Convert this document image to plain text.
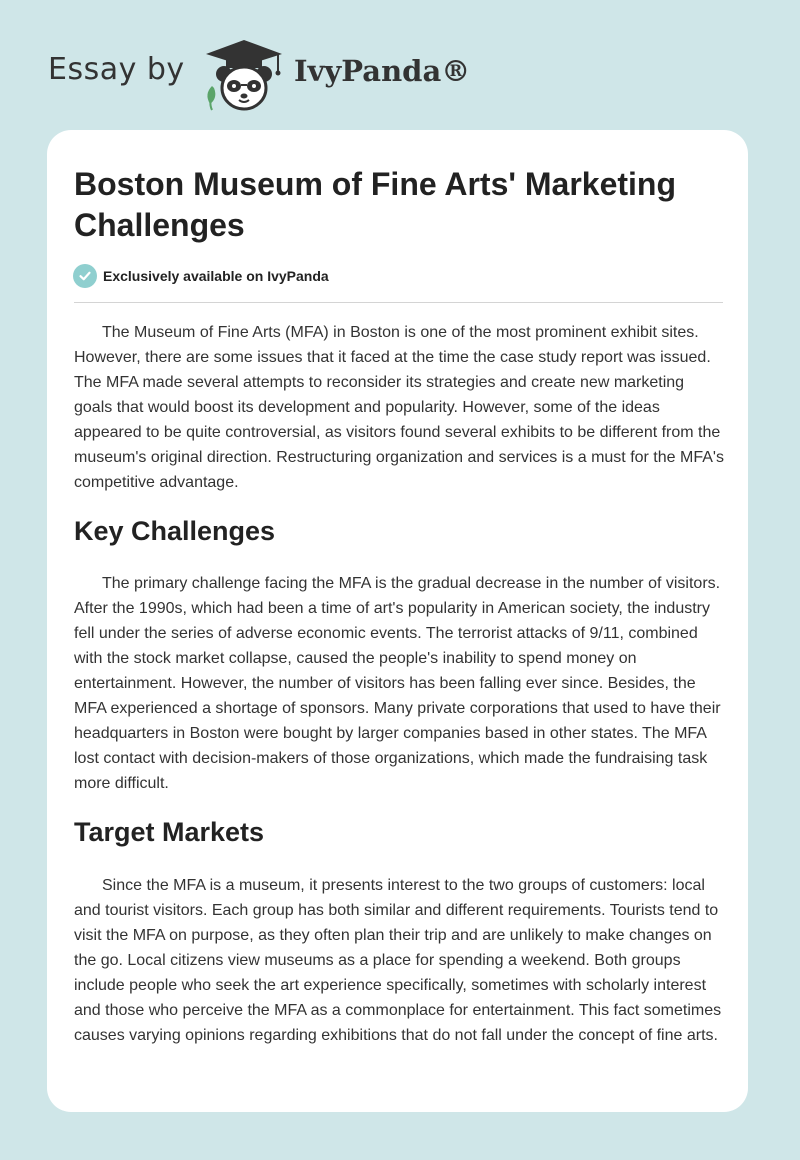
Essay by	IvyPanda®
Boston Museum of Fine Arts' Marketing Challenges
Exclusively available on IvyPanda

The Museum of Fine Arts (MFA) in Boston is one of the most prominent exhibit sites. However, there are some issues that it faced at the time the case study report was issued. The MFA made several attempts to reconsider its strategies and create new marketing goals that would boost its development and popularity. However, some of the ideas appeared to be quite controversial, as visitors found several exhibits to be different from the museum's original direction. Restructuring organization and services is a must for the MFA's competitive advantage.

Key Challenges

The primary challenge facing the MFA is the gradual decrease in the number of visitors. After the 1990s, which had been a time of art's popularity in American society, the industry fell under the series of adverse economic events. The terrorist attacks of 9/11, combined with the stock market collapse, caused the people's inability to spend money on entertainment. However, the number of visitors has been falling ever since. Besides, the MFA experienced a shortage of sponsors. Many private corporations that used to have their headquarters in Boston were bought by larger companies based in other states. The MFA lost contact with decision-makers of those organizations, which made the fundraising task more difficult.

Target Markets

Since the MFA is a museum, it presents interest to the two groups of customers: local and tourist visitors. Each group has both similar and different requirements. Tourists tend to visit the MFA on purpose, as they often plan their trip and are unlikely to make changes on the go. Local citizens view museums as a place for spending a weekend. Both groups include people who seek the art experience specifically, sometimes with scholarly interest and those who perceive the MFA as a commonplace for entertainment. This fact sometimes causes varying opinions regarding exhibitions that do not fall under the concept of fine arts.
